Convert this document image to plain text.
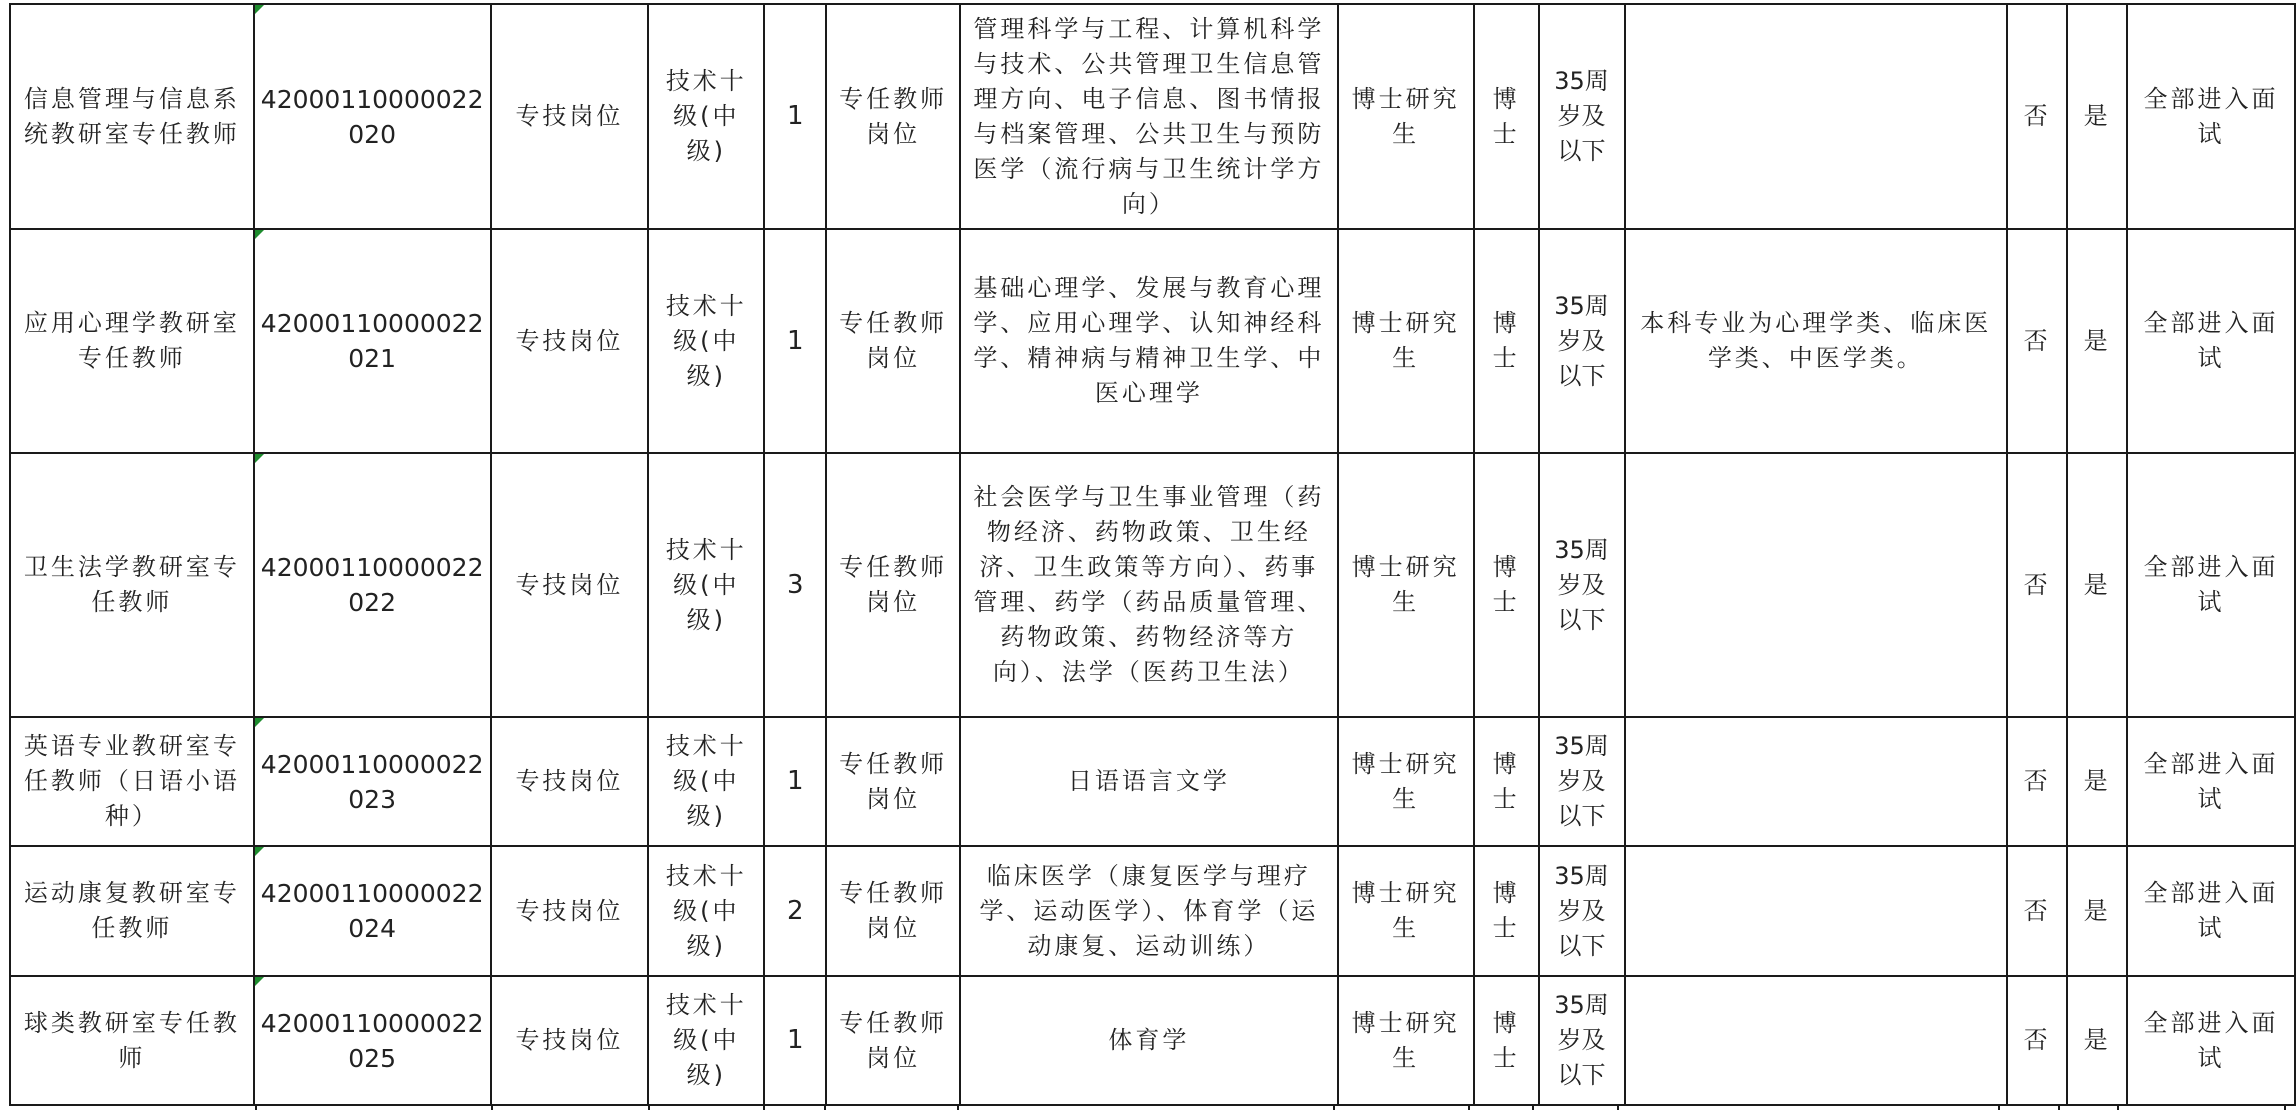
信息管理与信息系统教研室专任教师	42000110000022020	专技岗位	技术十级(中级)	1	专任教师岗位	管理科学与工程、计算机科学与技术、公共管理卫生信息管理方向、电子信息、图书情报与档案管理、公共卫生与预防医学（流行病与卫生统计学方向）	博士研究生	博士	35周岁及以下		否	是	全部进入面试
应用心理学教研室专任教师	42000110000022021	专技岗位	技术十级(中级)	1	专任教师岗位	基础心理学、发展与教育心理学、应用心理学、认知神经科学、精神病与精神卫生学、中医心理学	博士研究生	博士	35周岁及以下	本科专业为心理学类、临床医学类、中医学类。	否	是	全部进入面试
卫生法学教研室专任教师	42000110000022022	专技岗位	技术十级(中级)	3	专任教师岗位	社会医学与卫生事业管理（药物经济、药物政策、卫生经济、卫生政策等方向）、药事管理、药学（药品质量管理、药物政策、药物经济等方向）、法学（医药卫生法）	博士研究生	博士	35周岁及以下		否	是	全部进入面试
英语专业教研室专任教师（日语小语种）	42000110000022023	专技岗位	技术十级(中级)	1	专任教师岗位	日语语言文学	博士研究生	博士	35周岁及以下		否	是	全部进入面试
运动康复教研室专任教师	42000110000022024	专技岗位	技术十级(中级)	2	专任教师岗位	临床医学（康复医学与理疗学、运动医学）、体育学（运动康复、运动训练）	博士研究生	博士	35周岁及以下		否	是	全部进入面试
球类教研室专任教师	42000110000022025	专技岗位	技术十级(中级)	1	专任教师岗位	体育学	博士研究生	博士	35周岁及以下		否	是	全部进入面试
